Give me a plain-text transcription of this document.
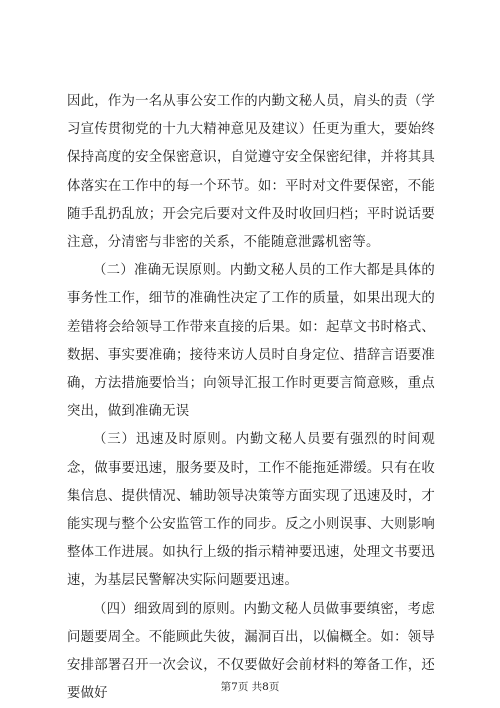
因此，作为一名从事公安工作的内勤文秘人员，肩头的责（学习宣传贯彻党的十九大精神意见及建议）任更为重大，要始终保持高度的安全保密意识，自觉遵守安全保密纪律，并将其具体落实在工作中的每一个环节。如：平时对文件要保密，不能随手乱扔乱放；开会完后要对文件及时收回归档；平时说话要注意，分清密与非密的关系，不能随意泄露机密等。

（二）准确无误原则。内勤文秘人员的工作大都是具体的事务性工作，细节的准确性决定了工作的质量，如果出现大的差错将会给领导工作带来直接的后果。如：起草文书时格式、数据、事实要准确；接待来访人员时自身定位、措辞言语要准确，方法措施要恰当；向领导汇报工作时更要言简意赅，重点突出，做到准确无误

（三）迅速及时原则。内勤文秘人员要有强烈的时间观念，做事要迅速，服务要及时，工作不能拖延滞缓。只有在收集信息、提供情况、辅助领导决策等方面实现了迅速及时，才能实现与整个公安监管工作的同步。反之小则误事、大则影响整体工作进展。如执行上级的指示精神要迅速，处理文书要迅速，为基层民警解决实际问题要迅速。

（四）细致周到的原则。内勤文秘人员做事要缜密，考虑问题要周全。不能顾此失彼，漏洞百出，以偏概全。如：领导安排部署召开一次会议，不仅要做好会前材料的筹备工作，还要做好	第7页 共8页
